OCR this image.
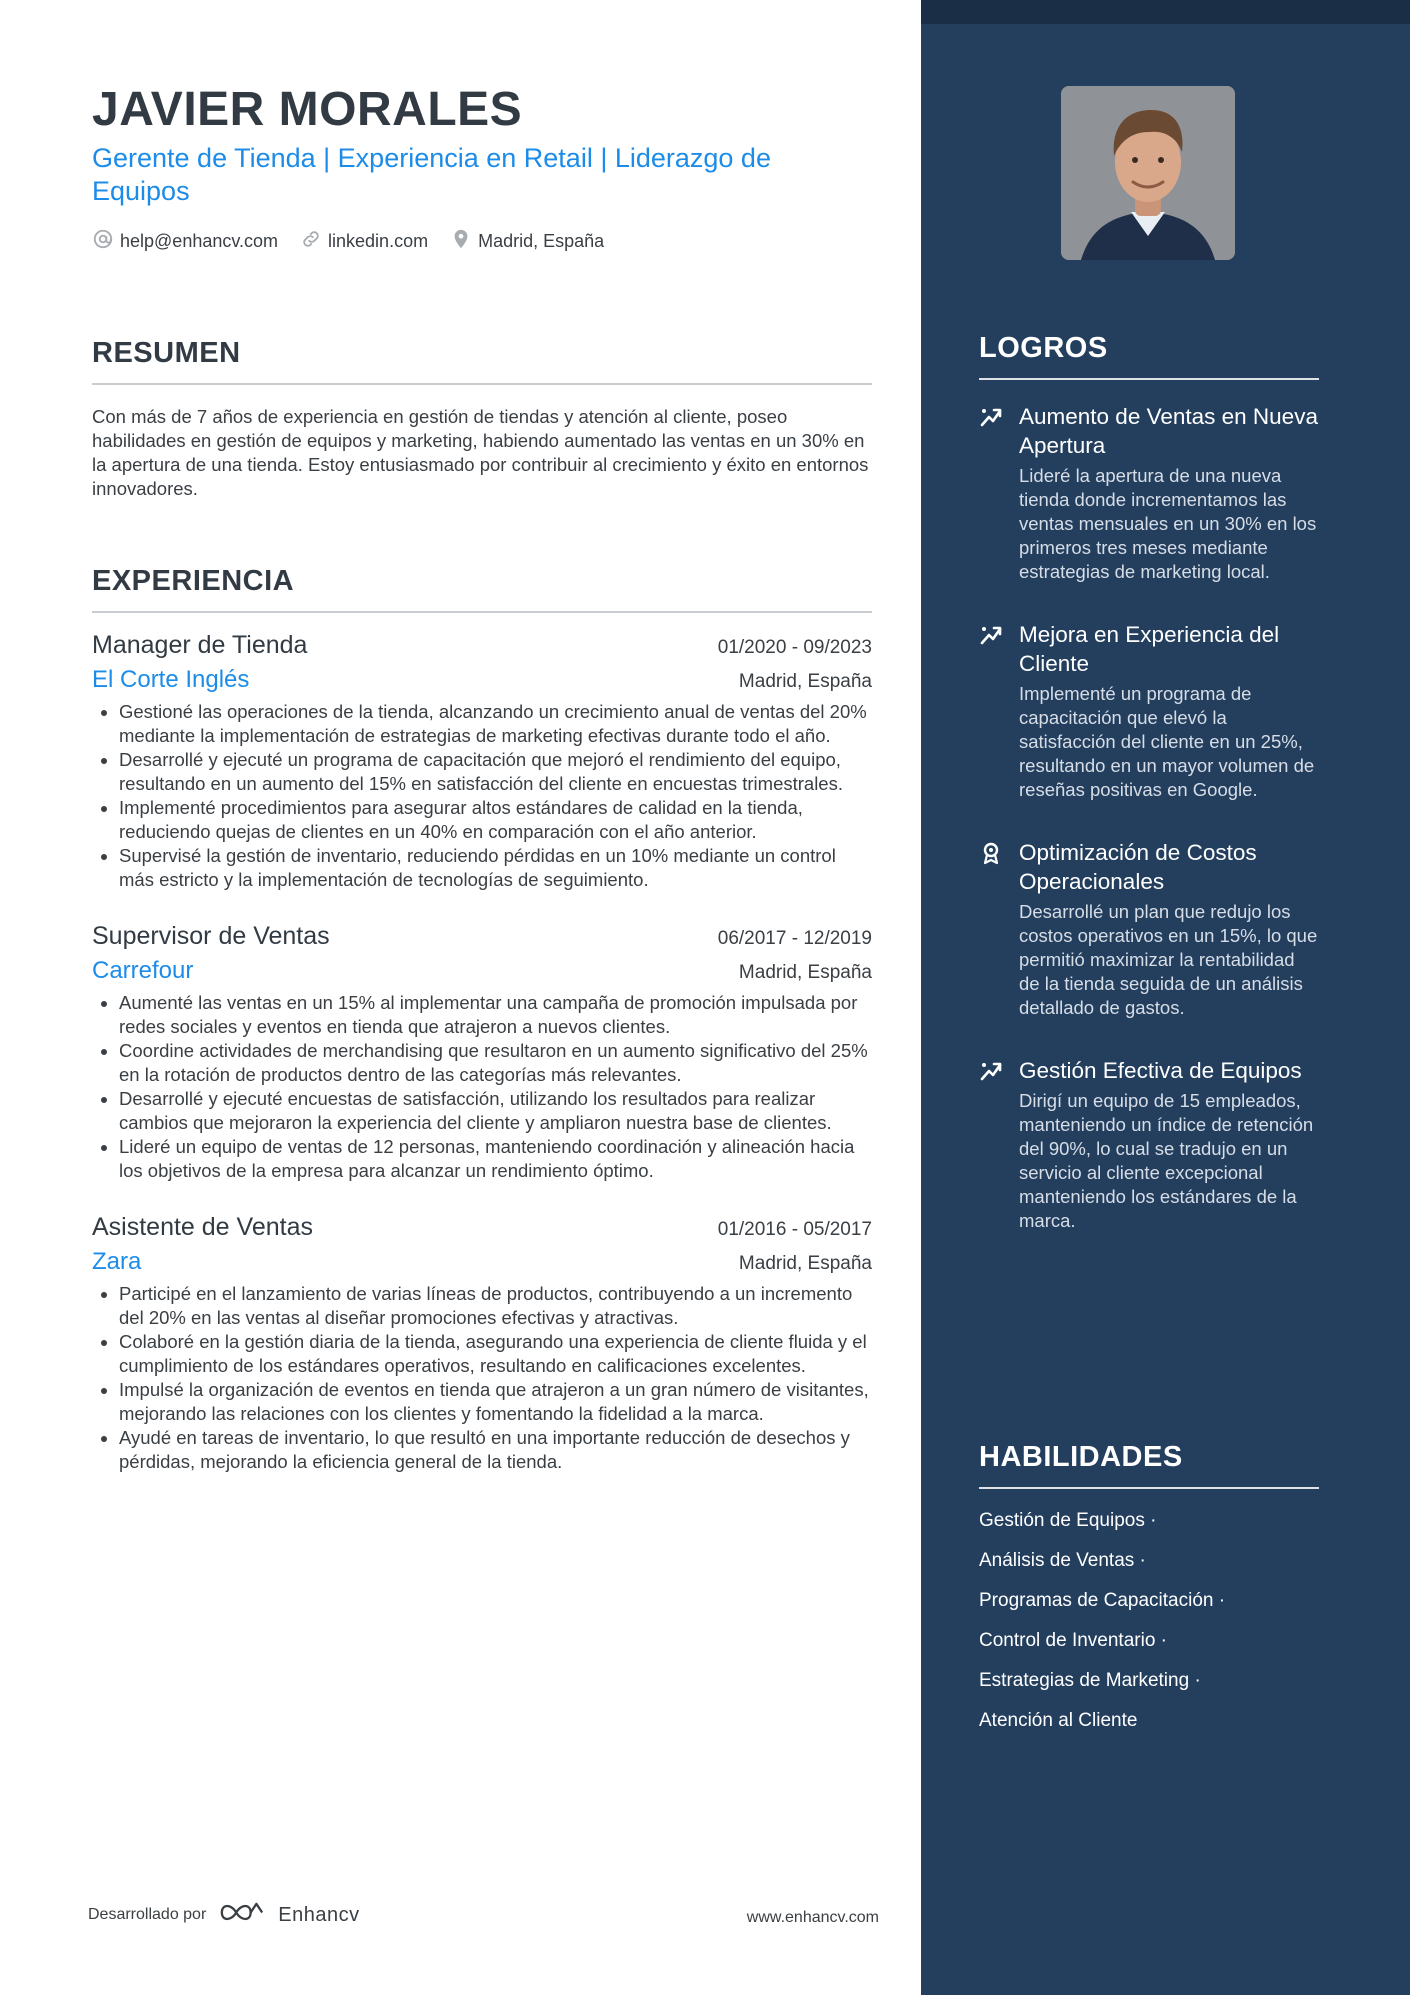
JAVIER MORALES
Gerente de Tienda | Experiencia en Retail | Liderazgo de Equipos
help@enhancv.com	linkedin.com	Madrid, España
RESUMEN
Con más de 7 años de experiencia en gestión de tiendas y atención al cliente, poseo habilidades en gestión de equipos y marketing, habiendo aumentado las ventas en un 30% en la apertura de una tienda. Estoy entusiasmado por contribuir al crecimiento y éxito en entornos innovadores.
EXPERIENCIA
Manager de Tienda	01/2020 - 09/2023
El Corte Inglés	Madrid, España
• Gestioné las operaciones de la tienda, alcanzando un crecimiento anual de ventas del 20% mediante la implementación de estrategias de marketing efectivas durante todo el año.
• Desarrollé y ejecuté un programa de capacitación que mejoró el rendimiento del equipo, resultando en un aumento del 15% en satisfacción del cliente en encuestas trimestrales.
• Implementé procedimientos para asegurar altos estándares de calidad en la tienda, reduciendo quejas de clientes en un 40% en comparación con el año anterior.
• Supervisé la gestión de inventario, reduciendo pérdidas en un 10% mediante un control más estricto y la implementación de tecnologías de seguimiento.
Supervisor de Ventas	06/2017 - 12/2019
Carrefour	Madrid, España
• Aumenté las ventas en un 15% al implementar una campaña de promoción impulsada por redes sociales y eventos en tienda que atrajeron a nuevos clientes.
• Coordine actividades de merchandising que resultaron en un aumento significativo del 25% en la rotación de productos dentro de las categorías más relevantes.
• Desarrollé y ejecuté encuestas de satisfacción, utilizando los resultados para realizar cambios que mejoraron la experiencia del cliente y ampliaron nuestra base de clientes.
• Lideré un equipo de ventas de 12 personas, manteniendo coordinación y alineación hacia los objetivos de la empresa para alcanzar un rendimiento óptimo.
Asistente de Ventas	01/2016 - 05/2017
Zara	Madrid, España
• Participé en el lanzamiento de varias líneas de productos, contribuyendo a un incremento del 20% en las ventas al diseñar promociones efectivas y atractivas.
• Colaboré en la gestión diaria de la tienda, asegurando una experiencia de cliente fluida y el cumplimiento de los estándares operativos, resultando en calificaciones excelentes.
• Impulsé la organización de eventos en tienda que atrajeron a un gran número de visitantes, mejorando las relaciones con los clientes y fomentando la fidelidad a la marca.
• Ayudé en tareas de inventario, lo que resultó en una importante reducción de desechos y pérdidas, mejorando la eficiencia general de la tienda.
LOGROS
Aumento de Ventas en Nueva Apertura
Lideré la apertura de una nueva tienda donde incrementamos las ventas mensuales en un 30% en los primeros tres meses mediante estrategias de marketing local.
Mejora en Experiencia del Cliente
Implementé un programa de capacitación que elevó la satisfacción del cliente en un 25%, resultando en un mayor volumen de reseñas positivas en Google.
Optimización de Costos Operacionales
Desarrollé un plan que redujo los costos operativos en un 15%, lo que permitió maximizar la rentabilidad de la tienda seguida de un análisis detallado de gastos.
Gestión Efectiva de Equipos
Dirigí un equipo de 15 empleados, manteniendo un índice de retención del 90%, lo cual se tradujo en un servicio al cliente excepcional manteniendo los estándares de la marca.
HABILIDADES
Gestión de Equipos ·
Análisis de Ventas ·
Programas de Capacitación ·
Control de Inventario ·
Estrategias de Marketing ·
Atención al Cliente
Desarrollado por	Enhancv	www.enhancv.com
